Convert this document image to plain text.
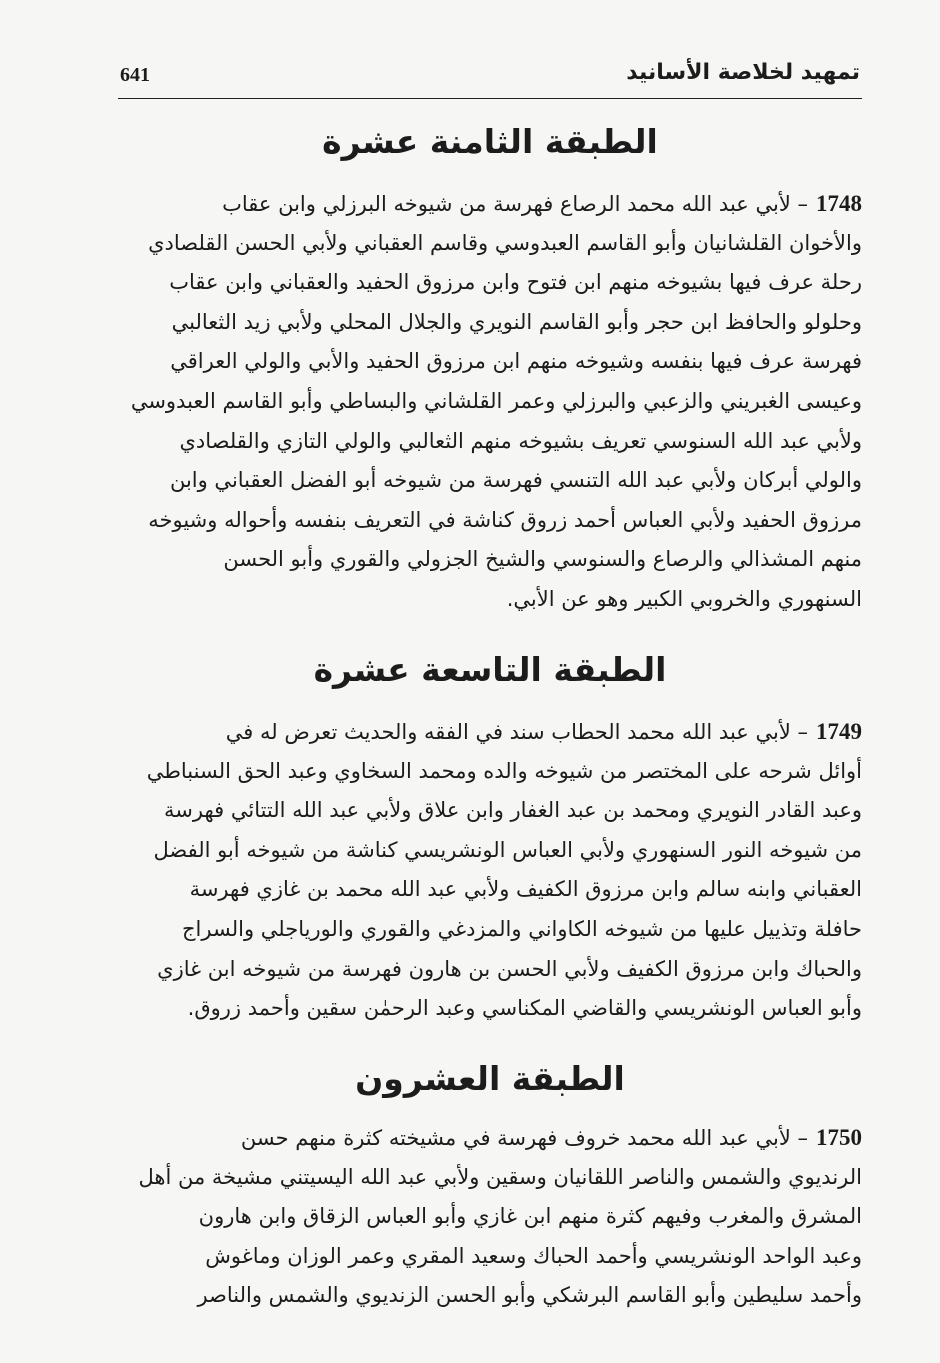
تمهيد لخلاصة الأسانيد
641
الطبقة الثامنة عشرة
1748– لأبي عبد الله محمد الرصاع فهرسة من شيوخه البرزلي وابن عقاب
والأخوان القلشانيان وأبو القاسم العبدوسي وقاسم العقباني ولأبي الحسن القلصادي
رحلة عرف فيها بشيوخه منهم ابن فتوح وابن مرزوق الحفيد والعقباني وابن عقاب
وحلولو والحافظ ابن حجر وأبو القاسم النويري والجلال المحلي ولأبي زيد الثعالبي
فهرسة عرف فيها بنفسه وشيوخه منهم ابن مرزوق الحفيد والأبي والولي العراقي
وعيسى الغبريني والزعبي والبرزلي وعمر القلشاني والبساطي وأبو القاسم العبدوسي
ولأبي عبد الله السنوسي تعريف بشيوخه منهم الثعالبي والولي التازي والقلصادي
والولي أبركان ولأبي عبد الله التنسي فهرسة من شيوخه أبو الفضل العقباني وابن
مرزوق الحفيد ولأبي العباس أحمد زروق كناشة في التعريف بنفسه وأحواله وشيوخه
منهم المشذالي والرصاع والسنوسي والشيخ الجزولي والقوري وأبو الحسن
السنهوري والخروبي الكبير وهو عن الأبي.
الطبقة التاسعة عشرة
1749– لأبي عبد الله محمد الحطاب سند في الفقه والحديث تعرض له في
أوائل شرحه على المختصر من شيوخه والده ومحمد السخاوي وعبد الحق السنباطي
وعبد القادر النويري ومحمد بن عبد الغفار وابن علاق ولأبي عبد الله التتائي فهرسة
من شيوخه النور السنهوري ولأبي العباس الونشريسي كناشة من شيوخه أبو الفضل
العقباني وابنه سالم وابن مرزوق الكفيف ولأبي عبد الله محمد بن غازي فهرسة
حافلة وتذييل عليها من شيوخه الكاواني والمزدغي والقوري والورياجلي والسراج
والحباك وابن مرزوق الكفيف ولأبي الحسن بن هارون فهرسة من شيوخه ابن غازي
وأبو العباس الونشريسي والقاضي المكناسي وعبد الرحمٰن سقين وأحمد زروق.
الطبقة العشرون
1750– لأبي عبد الله محمد خروف فهرسة في مشيخته كثرة منهم حسن
الرنديوي والشمس والناصر اللقانيان وسقين ولأبي عبد الله اليسيتني مشيخة من أهل
المشرق والمغرب وفيهم كثرة منهم ابن غازي وأبو العباس الزقاق وابن هارون
وعبد الواحد الونشريسي وأحمد الحباك وسعيد المقري وعمر الوزان وماغوش
وأحمد سليطين وأبو القاسم البرشكي وأبو الحسن الزنديوي والشمس والناصر
